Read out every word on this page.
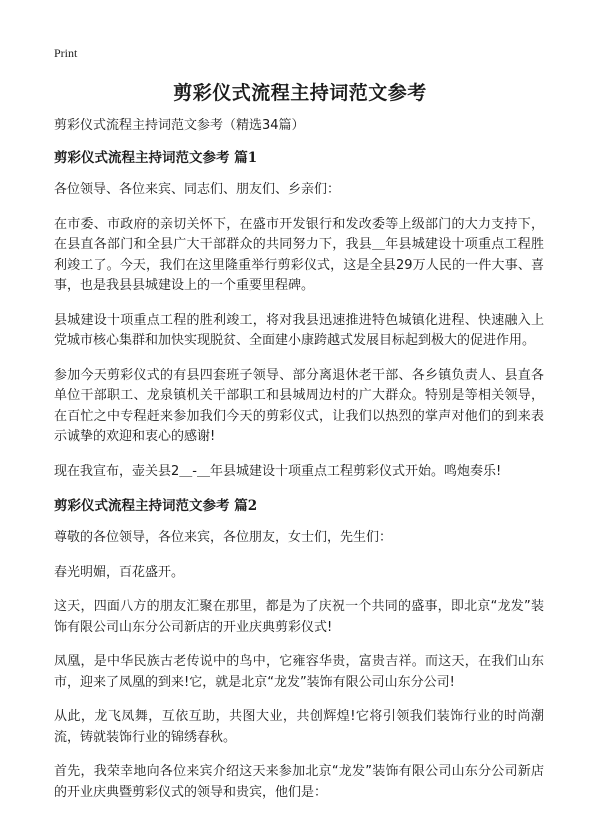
Print

剪彩仪式流程主持词范文参考

剪彩仪式流程主持词范文参考（精选34篇）

剪彩仪式流程主持词范文参考 篇1

各位领导、各位来宾、同志们、朋友们、乡亲们：

在市委、市政府的亲切关怀下，在盛市开发银行和发改委等上级部门的大力支持下，在县直各部门和全县广大干部群众的共同努力下，我县＿年县城建设十项重点工程胜利竣工了。今天，我们在这里隆重举行剪彩仪式，这是全县29万人民的一件大事、喜事，也是我县县城建设上的一个重要里程碑。

县城建设十项重点工程的胜利竣工，将对我县迅速推进特色城镇化进程、快速融入上党城市核心集群和加快实现脱贫、全面建小康跨越式发展目标起到极大的促进作用。

参加今天剪彩仪式的有县四套班子领导、部分离退休老干部、各乡镇负责人、县直各单位干部职工、龙泉镇机关干部职工和县城周边村的广大群众。特别是等相关领导，在百忙之中专程赶来参加我们今天的剪彩仪式，让我们以热烈的掌声对他们的到来表示诚挚的欢迎和衷心的感谢!

现在我宣布，壶关县2＿-＿年县城建设十项重点工程剪彩仪式开始。鸣炮奏乐!

剪彩仪式流程主持词范文参考 篇2

尊敬的各位领导，各位来宾，各位朋友，女士们，先生们：

春光明媚，百花盛开。

这天，四面八方的朋友汇聚在那里，都是为了庆祝一个共同的盛事，即北京“龙发”装饰有限公司山东分公司新店的开业庆典剪彩仪式!

凤凰，是中华民族古老传说中的鸟中，它雍容华贵，富贵吉祥。而这天，在我们山东市，迎来了凤凰的到来!它，就是北京“龙发”装饰有限公司山东分公司!

从此，龙飞凤舞，互依互助，共图大业，共创辉煌!它将引领我们装饰行业的时尚潮流，铸就装饰行业的锦绣春秋。

首先，我荣幸地向各位来宾介绍这天来参加北京“龙发”装饰有限公司山东分公司新店的开业庆典暨剪彩仪式的领导和贵宾，他们是：
